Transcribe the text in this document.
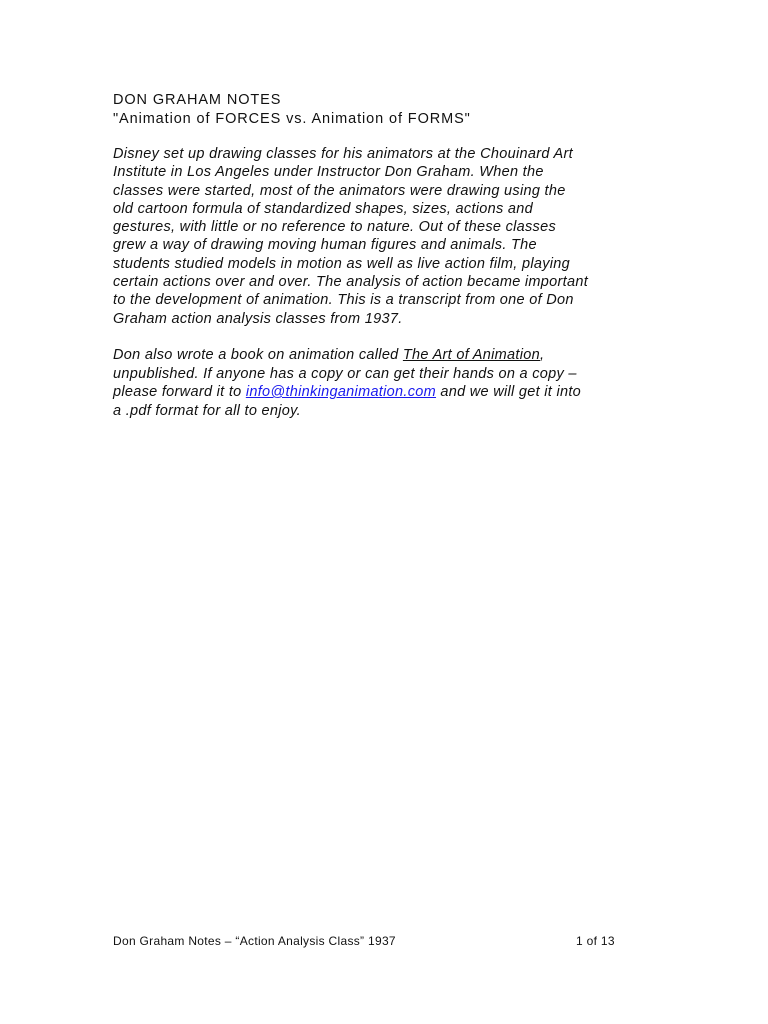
DON GRAHAM NOTES
"Animation of FORCES vs. Animation of FORMS"
Disney set up drawing classes for his animators at the Chouinard Art
Institute in Los Angeles under Instructor Don Graham. When the
classes were started, most of the animators were drawing using the
old cartoon formula of standardized shapes, sizes, actions and
gestures, with little or no reference to nature. Out of these classes
grew a way of drawing moving human figures and animals. The
students studied models in motion as well as live action film, playing
certain actions over and over. The analysis of action became important
to the development of animation. This is a transcript from one of Don
Graham action analysis classes from 1937.
Don also wrote a book on animation called The Art of Animation,
unpublished. If anyone has a copy or can get their hands on a copy –
please forward it to info@thinkinganimation.com and we will get it into
a .pdf format for all to enjoy.
Don Graham Notes – “Action Analysis Class” 1937	1 of 13
